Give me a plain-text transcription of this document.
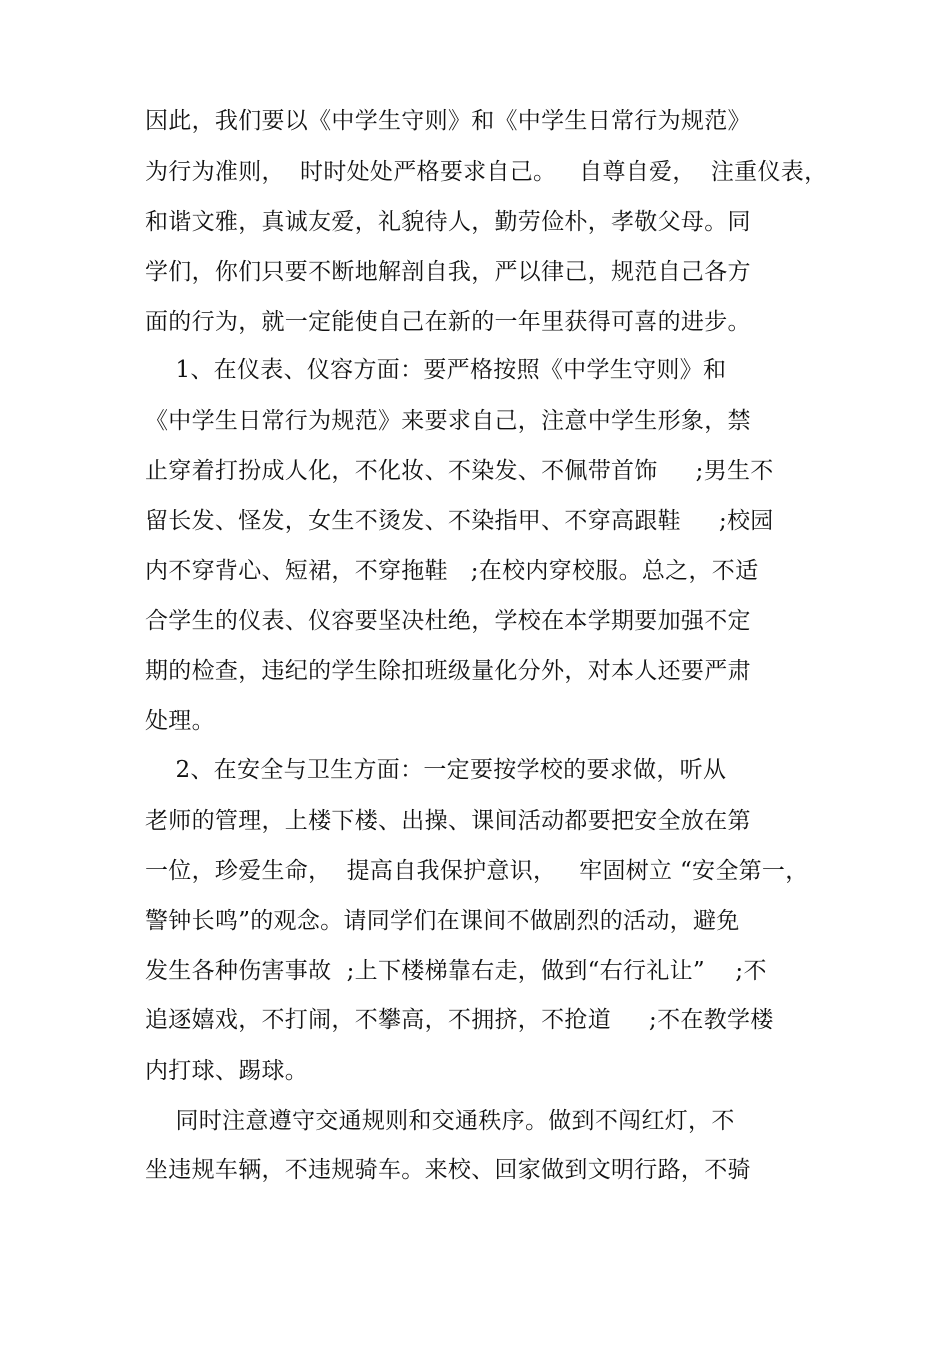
因此，我们要以《中学生守则》和《中学生日常行为规范》
为行为准则，  时时处处严格要求自己。   自尊自爱，  注重仪表，
和谐文雅，真诚友爱，礼貌待人，勤劳俭朴，孝敬父母。同
学们，你们只要不断地解剖自我，严以律己，规范自己各方
面的行为，就一定能使自己在新的一年里获得可喜的进步。
1、在仪表、仪容方面：要严格按照《中学生守则》和
《中学生日常行为规范》来要求自己，注意中学生形象，禁
止穿着打扮成人化，不化妆、不染发、不佩带首饰     ;男生不
留长发、怪发，女生不烫发、不染指甲、不穿高跟鞋     ;校园
内不穿背心、短裙，不穿拖鞋   ;在校内穿校服。总之，不适
合学生的仪表、仪容要坚决杜绝，学校在本学期要加强不定
期的检查，违纪的学生除扣班级量化分外，对本人还要严肃
处理。
2、在安全与卫生方面：一定要按学校的要求做，听从
老师的管理，上楼下楼、出操、课间活动都要把安全放在第
一位，珍爱生命，  提高自我保护意识，   牢固树立 “安全第一，
警钟长鸣”的观念。请同学们在课间不做剧烈的活动，避免
发生各种伤害事故  ;上下楼梯靠右走，做到“右行礼让”    ;不
追逐嬉戏，不打闹，不攀高，不拥挤，不抢道     ;不在教学楼
内打球、踢球。
同时注意遵守交通规则和交通秩序。做到不闯红灯，不
坐违规车辆，不违规骑车。来校、回家做到文明行路，不骑
